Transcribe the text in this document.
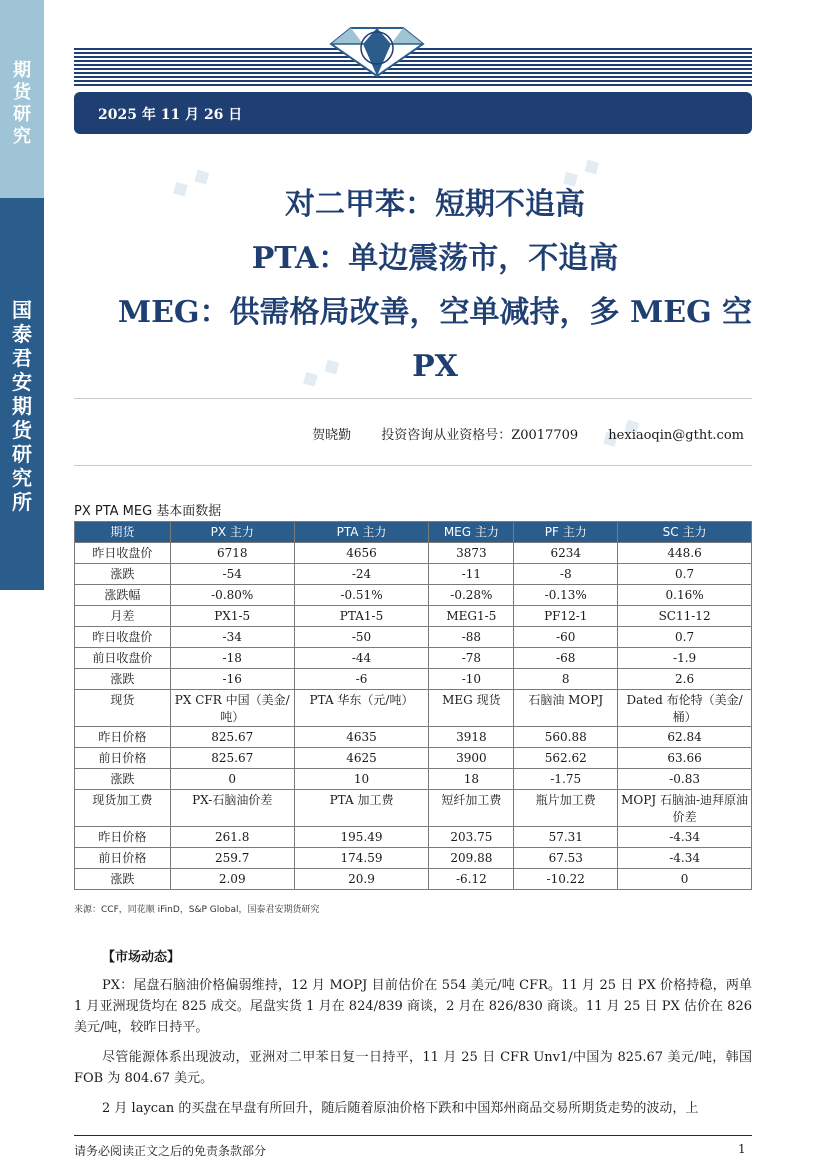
期
货
研
究
国
泰
君
安
期
货
研
究
所
2025 年 11 月 26 日
◆ ◆	◆ ◆
◆ ◆
◆ ◆
对二甲苯：短期不追高
PTA：单边震荡市，不追高
MEG：供需格局改善，空单减持，多 MEG 空
PX
贺晓勤 投资咨询从业资格号：Z0017709 hexiaoqin@gtht.com
PX PTA MEG 基本面数据
期货	PX 主力	PTA 主力	MEG 主力	PF 主力	SC 主力
昨日收盘价	6718	4656	3873	6234	448.6
涨跌	-54	-24	-11	-8	0.7
涨跌幅	-0.80%	-0.51%	-0.28%	-0.13%	0.16%
月差	PX1-5	PTA1-5	MEG1-5	PF12-1	SC11-12
昨日收盘价	-34	-50	-88	-60	0.7
前日收盘价	-18	-44	-78	-68	-1.9
涨跌	-16	-6	-10	8	2.6
现货	PX CFR 中国（美金/吨）	PTA 华东（元/吨）	MEG 现货	石脑油 MOPJ	Dated 布伦特（美金/桶）
昨日价格	825.67	4635	3918	560.88	62.84
前日价格	825.67	4625	3900	562.62	63.66
涨跌	0	10	18	-1.75	-0.83
现货加工费	PX-石脑油价差	PTA 加工费	短纤加工费	瓶片加工费	MOPJ 石脑油-迪拜原油价差
昨日价格	261.8	195.49	203.75	57.31	-4.34
前日价格	259.7	174.59	209.88	67.53	-4.34
涨跌	2.09	20.9	-6.12	-10.22	0
来源：CCF，同花顺 iFinD，S&P Global，国泰君安期货研究
【市场动态】
PX：尾盘石脑油价格偏弱维持，12 月 MOPJ 目前估价在 554 美元/吨 CFR。11 月 25 日 PX 价格持稳，两单 1 月亚洲现货均在 825 成交。尾盘实货 1 月在 824/839 商谈，2 月在 826/830 商谈。11 月 25 日 PX 估价在 826 美元/吨，较昨日持平。
尽管能源体系出现波动，亚洲对二甲苯日复一日持平，11 月 25 日 CFR Unv1/中国为 825.67 美元/吨，韩国 FOB 为 804.67 美元。
2 月 laycan 的买盘在早盘有所回升，随后随着原油价格下跌和中国郑州商品交易所期货走势的波动，上
请务必阅读正文之后的免责条款部分	1
